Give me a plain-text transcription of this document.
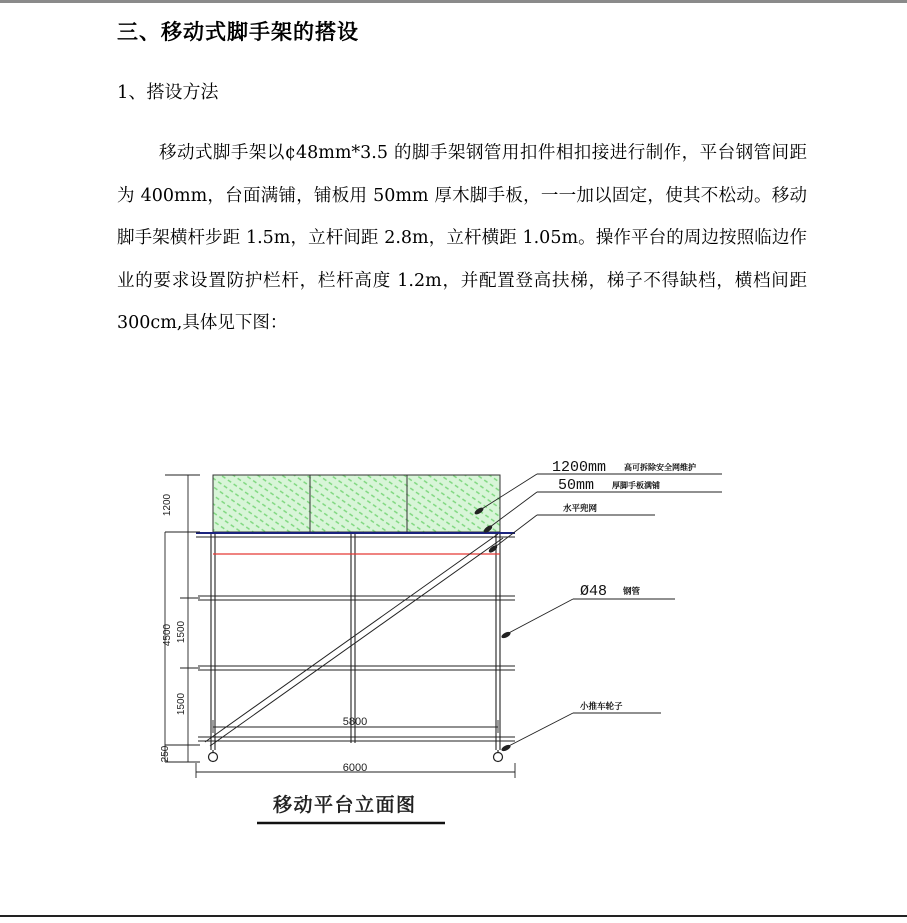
三、移动式脚手架的搭设

1、搭设方法

移动式脚手架以¢48mm*3.5 的脚手架钢管用扣件相扣接进行制作，平台钢管间距为 400mm，台面满铺，铺板用 50mm 厚木脚手板，一一加以固定，使其不松动。移动脚手架横杆步距 1.5m，立杆间距 2.8m，立杆横距 1.05m。操作平台的周边按照临边作业的要求设置防护栏杆，栏杆高度 1.2m，并配置登高扶梯，梯子不得缺档，横档间距 300cm,具体见下图：

1200
4500 1500
1500
250
5800
6000
1200mm 高可拆除安全网维护
50mm 厚脚手板满铺
水平兜网
Ø48 钢管
小推车轮子
移动平台立面图
